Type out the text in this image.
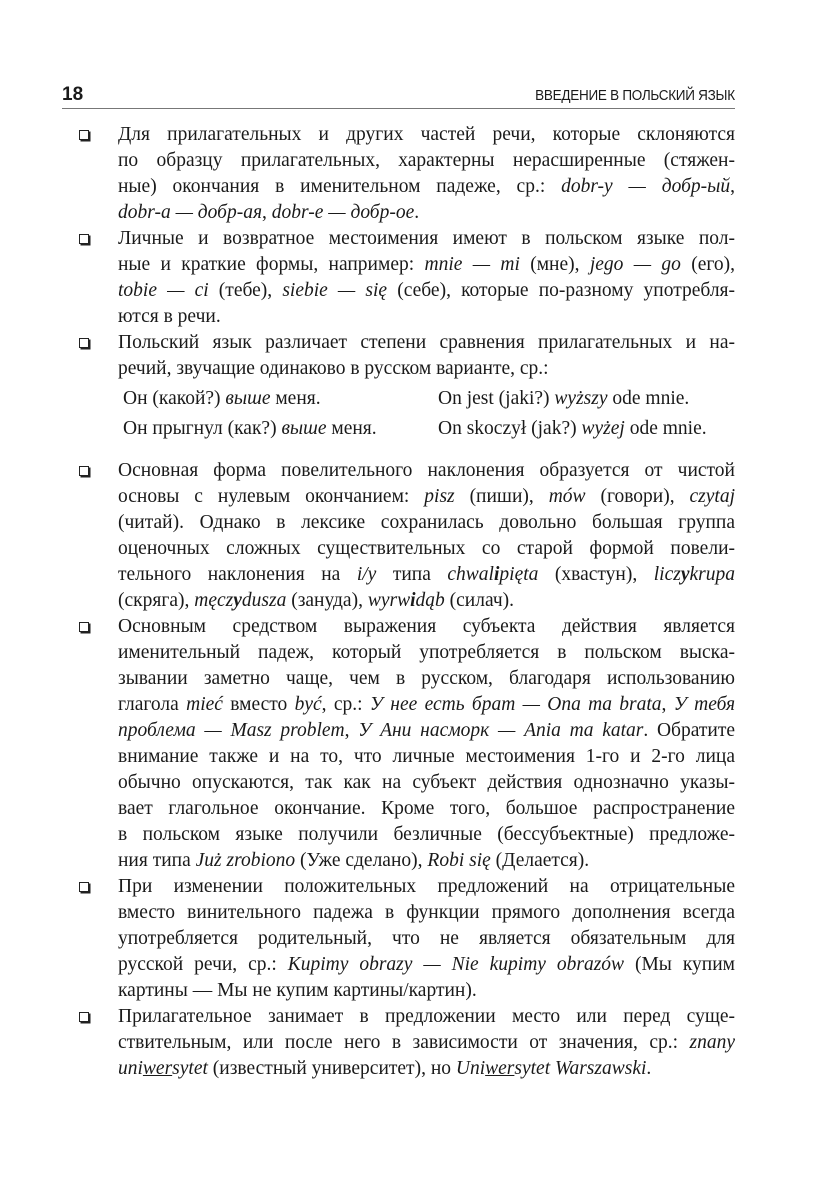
18	ВВЕДЕНИЕ В ПОЛЬСКИЙ ЯЗЫК
Для прилагательных и других частей речи, которые склоняются
по образцу прилагательных, характерны нерасширенные (стяжен-
ные) окончания в именительном падеже, ср.: dobr-y — добр-ый,
dobr-a — добр-ая, dobr-e — добр-ое.
Личные и возвратное местоимения имеют в польском языке пол-
ные и краткие формы, например: mnie — mi (мне), jego — go (его),
tobie — ci (тебе), siebie — się (себе), которые по-разному употребля-
ются в речи.
Польский язык различает степени сравнения прилагательных и на-
речий, звучащие одинаково в русском варианте, ср.:
Он (какой?) выше меня.	On jest (jaki?) wyższy ode mnie.
Он прыгнул (как?) выше меня.	On skoczył (jak?) wyżej ode mnie.
Основная форма повелительного наклонения образуется от чистой
основы с нулевым окончанием: pisz (пиши), mów (говори), czytaj
(читай). Однако в лексике сохранилась довольно большая группа
оценочных сложных существительных со старой формой повели-
тельного наклонения на i/y типа chwalipięta (хвастун), liczykrupa
(скряга), męczydusza (зануда), wyrwidąb (силач).
Основным средством выражения субъекта действия является
именительный падеж, который употребляется в польском выска-
зывании заметно чаще, чем в русском, благодаря использованию
глагола mieć вместо być, ср.: У нее есть брат — Ona ma brata, У тебя
проблема — Masz problem, У Ани насморк — Ania ma katar. Обратите
внимание также и на то, что личные местоимения 1-го и 2-го лица
обычно опускаются, так как на субъект действия однозначно указы-
вает глагольное окончание. Кроме того, большое распространение
в польском языке получили безличные (бессубъектные) предложе-
ния типа Już zrobiono (Уже сделано), Robi się (Делается).
При изменении положительных предложений на отрицательные
вместо винительного падежа в функции прямого дополнения всегда
употребляется родительный, что не является обязательным для
русской речи, ср.: Kupimy obrazy — Nie kupimy obrazów (Мы купим
картины — Мы не купим картины/картин).
Прилагательное занимает в предложении место или перед суще-
ствительным, или после него в зависимости от значения, ср.: znany
uniwersytet (известный университет), но Uniwersytet Warszawski.
